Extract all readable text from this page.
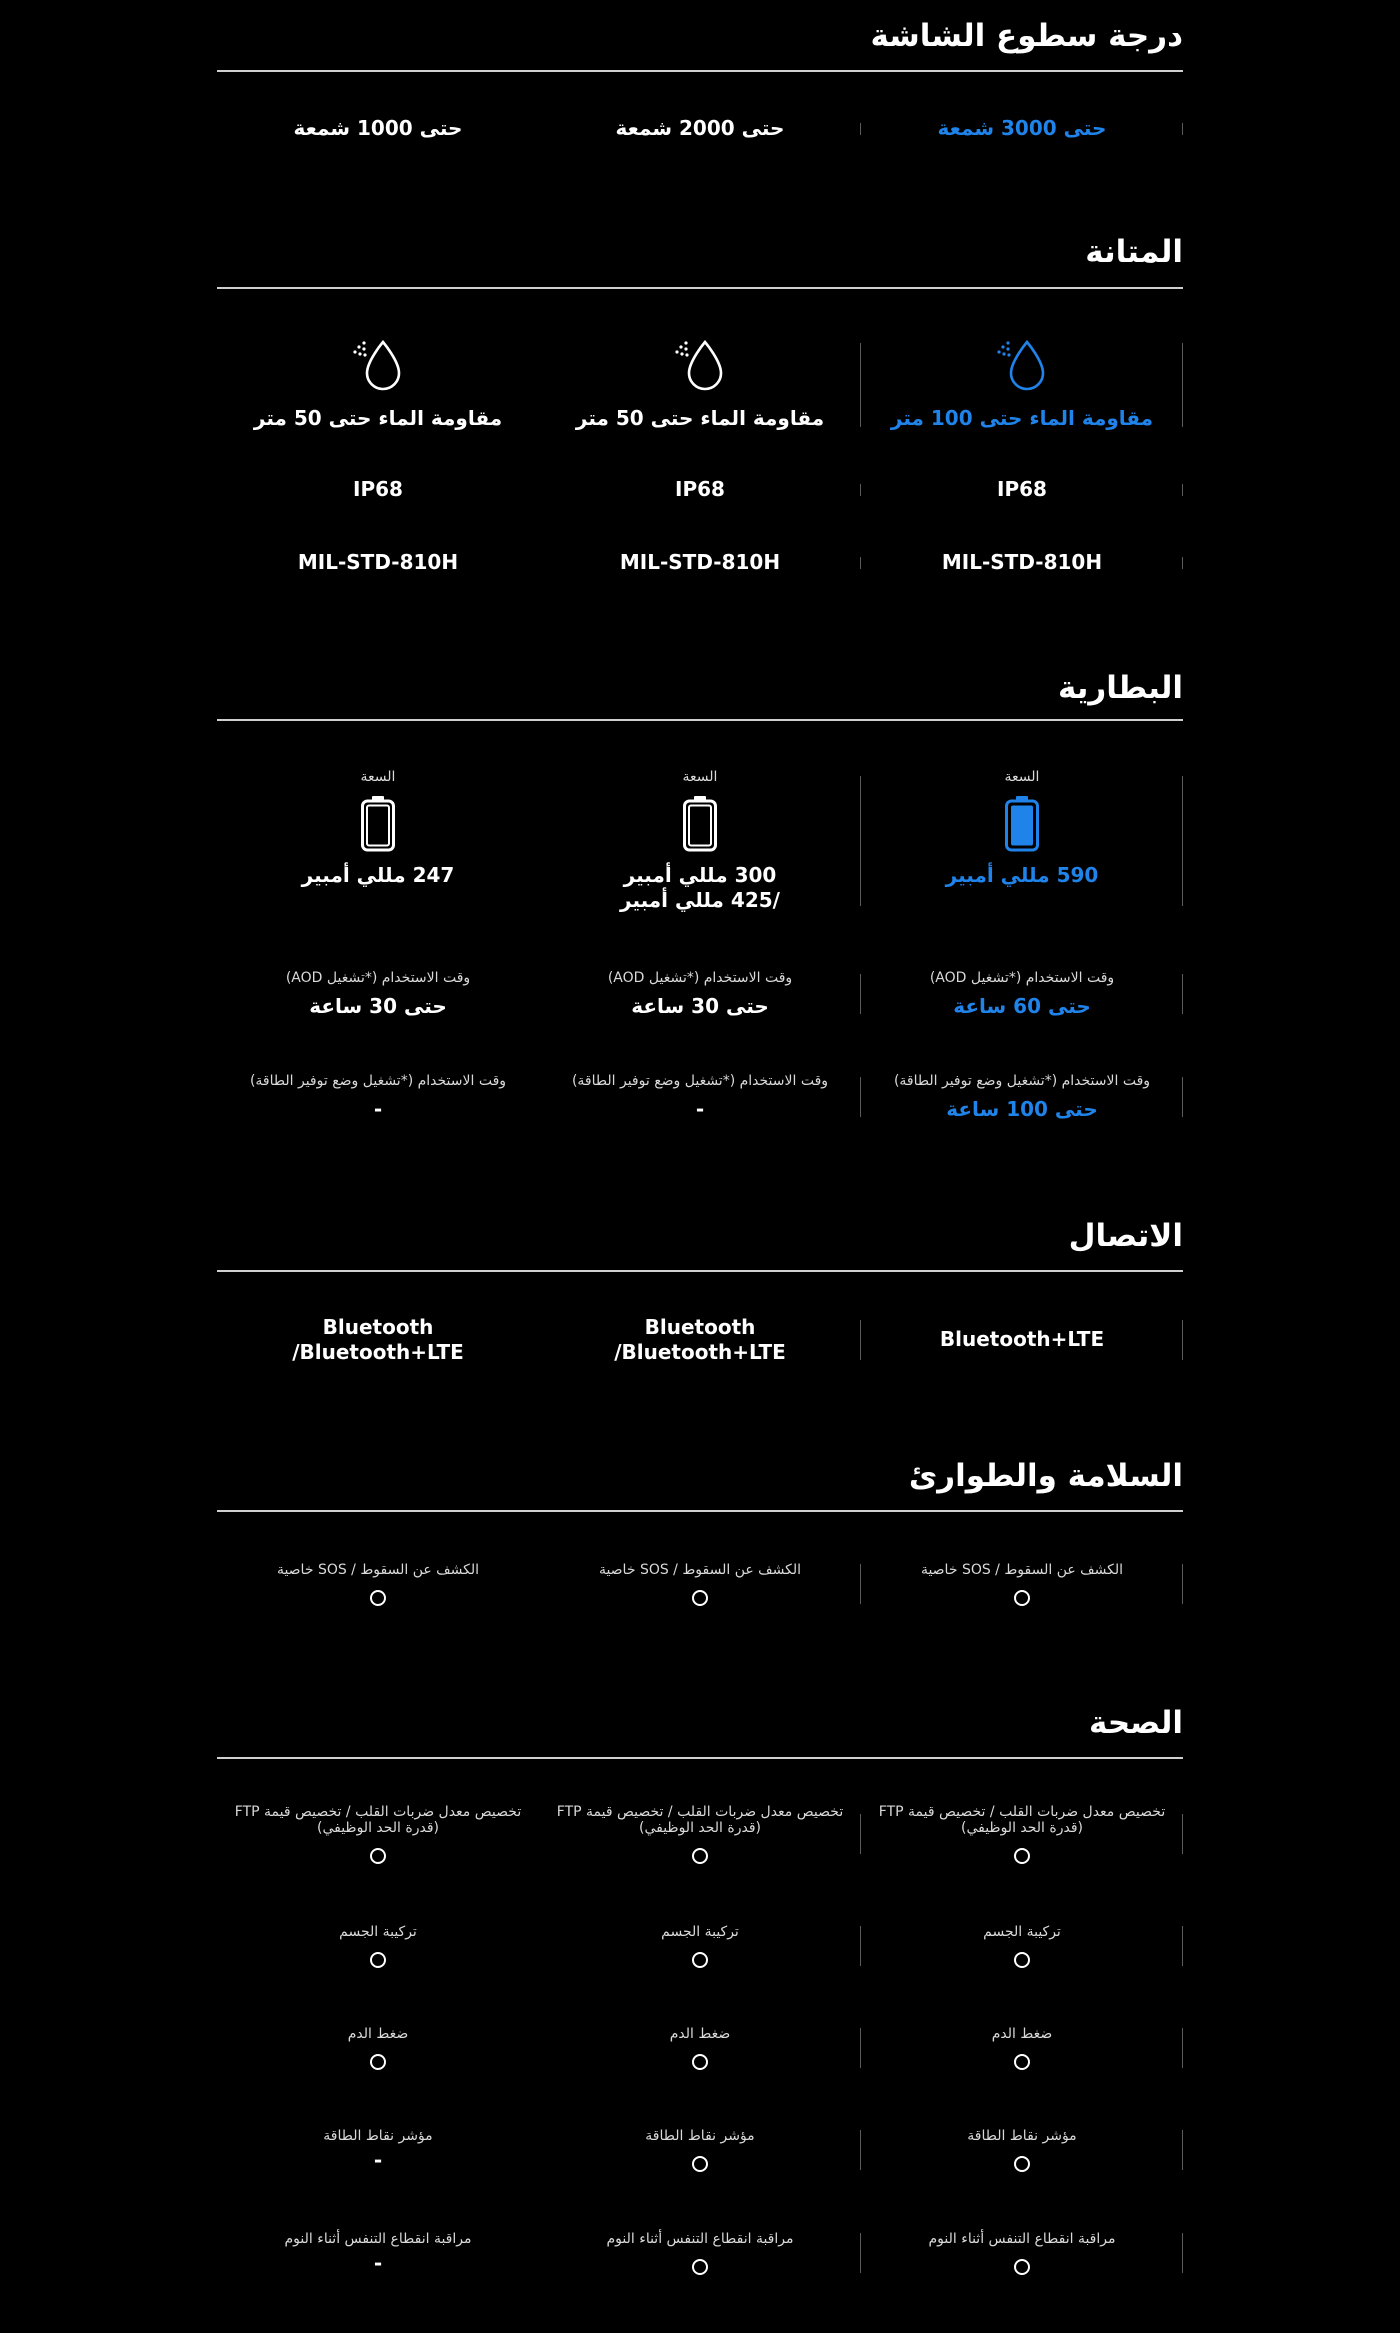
درجة سطوع الشاشة
حتى 3000 شمعة
حتى 2000 شمعة
حتى 1000 شمعة
المتانة
مقاومة الماء حتى 100 متر
مقاومة الماء حتى 50 متر
مقاومة الماء حتى 50 متر
IP68
IP68
IP68
MIL-STD-810H
MIL-STD-810H
MIL-STD-810H
البطارية
السعة
590 مللي أمبير
السعة
300 مللي أمبير
/425 مللي أمبير
السعة
247 مللي أمبير
وقت الاستخدام (*تشغيل AOD)
حتى 60 ساعة
وقت الاستخدام (*تشغيل AOD)
حتى 30 ساعة
وقت الاستخدام (*تشغيل AOD)
حتى 30 ساعة
وقت الاستخدام (*تشغيل وضع توفير الطاقة)
حتى 100 ساعة
وقت الاستخدام (*تشغيل وضع توفير الطاقة)
-
وقت الاستخدام (*تشغيل وضع توفير الطاقة)
-
الاتصال
Bluetooth+LTE
Bluetooth
/Bluetooth+LTE
Bluetooth
/Bluetooth+LTE
السلامة والطوارئ
الكشف عن السقوط / SOS خاصية
الكشف عن السقوط / SOS خاصية
الكشف عن السقوط / SOS خاصية
الصحة
تخصيص معدل ضربات القلب / تخصيص قيمة FTP
(قدرة الحد الوظيفي)
تخصيص معدل ضربات القلب / تخصيص قيمة FTP
(قدرة الحد الوظيفي)
تخصيص معدل ضربات القلب / تخصيص قيمة FTP
(قدرة الحد الوظيفي)
تركيبة الجسم
تركيبة الجسم
تركيبة الجسم
ضغط الدم
ضغط الدم
ضغط الدم
مؤشر نقاط الطاقة
مؤشر نقاط الطاقة
مؤشر نقاط الطاقة
-
مراقبة انقطاع التنفس أثناء النوم
مراقبة انقطاع التنفس أثناء النوم
مراقبة انقطاع التنفس أثناء النوم
-
